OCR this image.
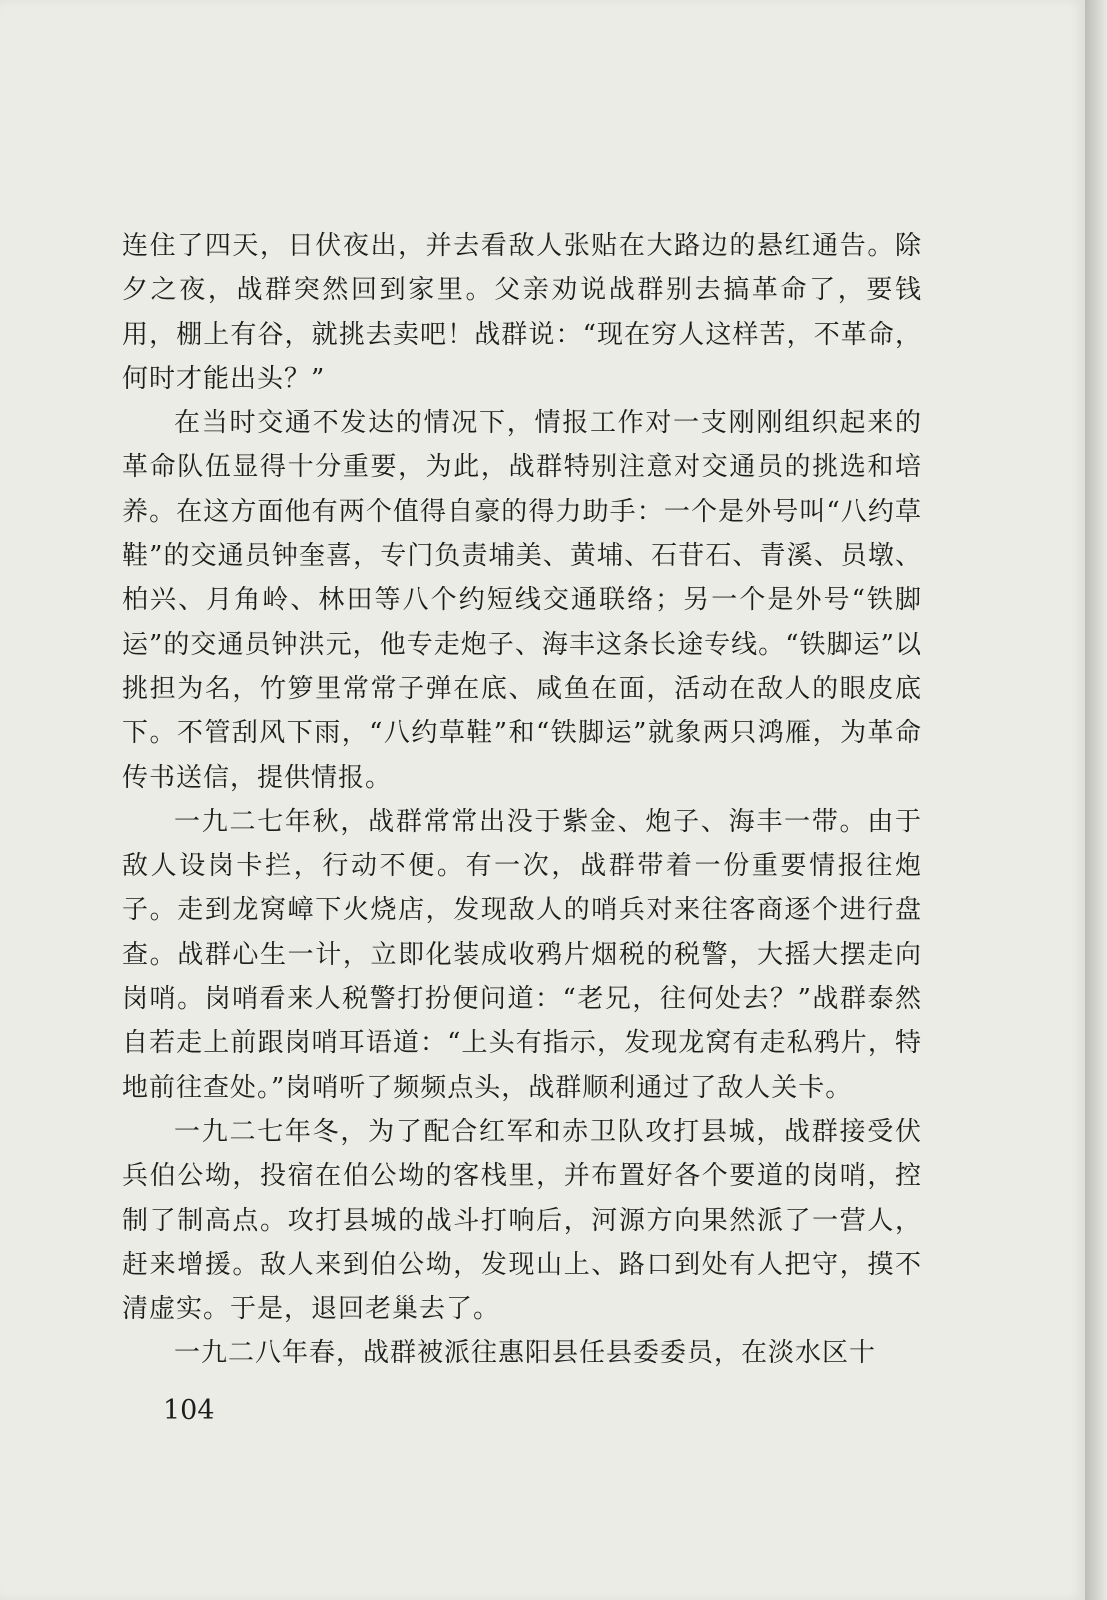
连住了四天，日伏夜出，并去看敌人张贴在大路边的悬红通告。除夕之夜，战群突然回到家里。父亲劝说战群别去搞革命了，要钱用，棚上有谷，就挑去卖吧！战群说：“现在穷人这样苦，不革命，何时才能出头？”

在当时交通不发达的情况下，情报工作对一支刚刚组织起来的革命队伍显得十分重要，为此，战群特别注意对交通员的挑选和培养。在这方面他有两个值得自豪的得力助手：一个是外号叫“八约草鞋”的交通员钟奎喜，专门负责埔美、黄埔、石苷石、青溪、员墩、柏兴、月角岭、林田等八个约短线交通联络；另一个是外号“铁脚运”的交通员钟洪元，他专走炮子、海丰这条长途专线。“铁脚运”以挑担为名，竹箩里常常子弹在底、咸鱼在面，活动在敌人的眼皮底下。不管刮风下雨，“八约草鞋”和“铁脚运”就象两只鸿雁，为革命传书送信，提供情报。

一九二七年秋，战群常常出没于紫金、炮子、海丰一带。由于敌人设岗卡拦，行动不便。有一次，战群带着一份重要情报往炮子。走到龙窝嶂下火烧店，发现敌人的哨兵对来往客商逐个进行盘查。战群心生一计，立即化装成收鸦片烟税的税警，大摇大摆走向岗哨。岗哨看来人税警打扮便问道：“老兄，往何处去？”战群泰然自若走上前跟岗哨耳语道：“上头有指示，发现龙窝有走私鸦片，特地前往查处。”岗哨听了频频点头，战群顺利通过了敌人关卡。

一九二七年冬，为了配合红军和赤卫队攻打县城，战群接受伏兵伯公坳，投宿在伯公坳的客栈里，并布置好各个要道的岗哨，控制了制高点。攻打县城的战斗打响后，河源方向果然派了一营人，赶来增援。敌人来到伯公坳，发现山上、路口到处有人把守，摸不清虚实。于是，退回老巢去了。

一九二八年春，战群被派往惠阳县任县委委员，在淡水区十

104
